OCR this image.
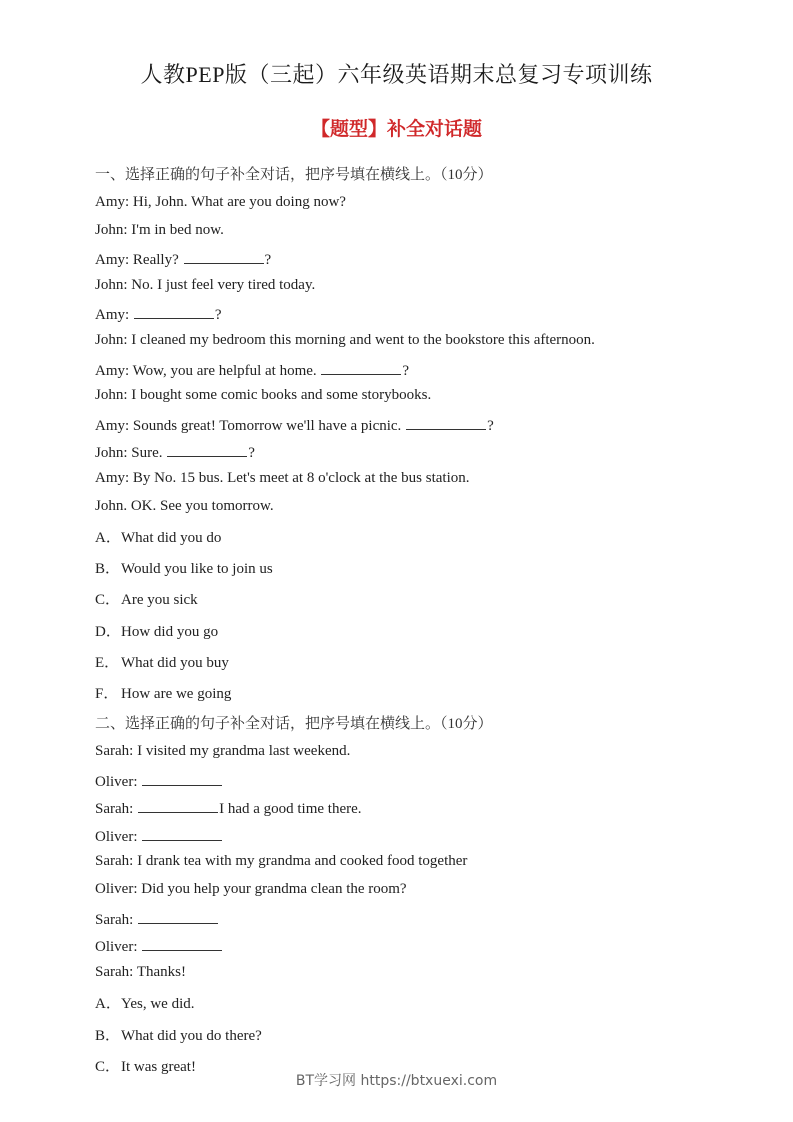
人教PEP版（三起）六年级英语期末总复习专项训练
【题型】补全对话题
一、选择正确的句子补全对话，把序号填在横线上。（10分）
Amy: Hi, John. What are you doing now?
John: I'm in bed now.
Amy: Really?	?
John: No. I just feel very tired today.
Amy:	?
John: I cleaned my bedroom this morning and went to the bookstore this afternoon.
Amy: Wow, you are helpful at home.	?
John: I bought some comic books and some storybooks.
Amy: Sounds great! Tomorrow we'll have a picnic.	?
John: Sure.	?
Amy: By No. 15 bus. Let's meet at 8 o'clock at the bus station.
John. OK. See you tomorrow.
A．What did you do
B．Would you like to join us
C．Are you sick
D．How did you go
E． What did you buy
F． How are we going
二、选择正确的句子补全对话，把序号填在横线上。（10分）
Sarah: I visited my grandma last weekend.
Oliver:
Sarah:	I had a good time there.
Oliver:
Sarah: I drank tea with my grandma and cooked food together
Oliver: Did you help your grandma clean the room?
Sarah:
Oliver:
Sarah: Thanks!
A．Yes, we did.
B．What did you do there?
C．It was great!
BT学习网 https://btxuexi.com
